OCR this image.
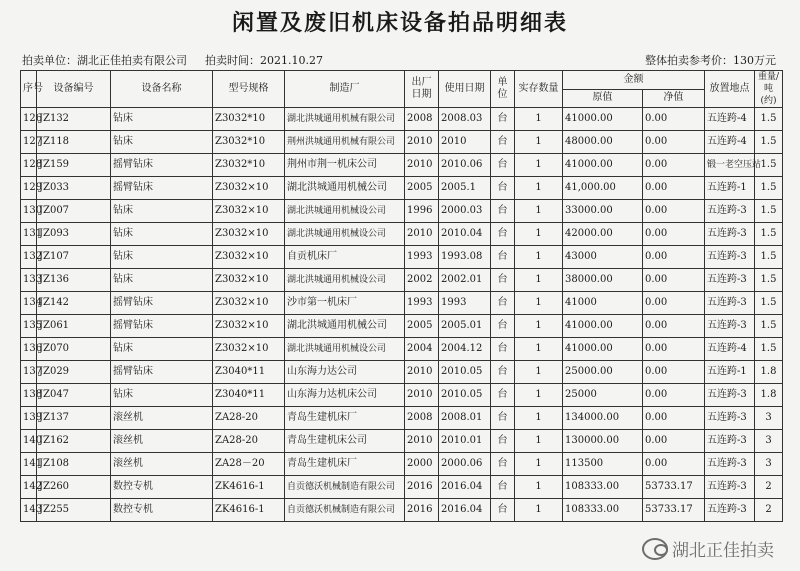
闲置及废旧机床设备拍品明细表
拍卖单位：湖北正佳拍卖有限公司 拍卖时间：2021.10.27	整体拍卖参考价：130万元
序号	设备编号	设备名称	型号规格	制造厂	出厂日期	使用日期	单位	实存数量	金额		放置地点	重量/吨(约)
									原值	净值		
126	JZ132	钻床	Z3032*10	湖北洪城通用机械有限公司	2008	2008.03	台	1	41000.00	0.00	五连跨-4	1.5
127	JZ118	钻床	Z3032*10	荆州洪城通用机械有限公司	2010	2010	台	1	48000.00	0.00	五连跨-4	1.5
128	JZ159	摇臂钻床	Z3032*10	荆州市荆一机床公司	2010	2010.06	台	1	41000.00	0.00	锻一老空压站	1.5
129	JZ033	摇臂钻床	Z3032×10	湖北洪城通用机械公司	2005	2005.1	台	1	41,000.00	0.00	五连跨-1	1.5
130	JZ007	钻床	Z3032×10	湖北洪城通用机械设公司	1996	2000.03	台	1	33000.00	0.00	五连跨-3	1.5
131	JZ093	钻床	Z3032×10	湖北洪城通用机械设公司	2010	2010.04	台	1	42000.00	0.00	五连跨-3	1.5
132	JZ107	钻床	Z3032×10	自贡机床厂	1993	1993.08	台	1	43000	0.00	五连跨-3	1.5
133	JZ136	钻床	Z3032×10	湖北洪城通用机械设公司	2002	2002.01	台	1	38000.00	0.00	五连跨-3	1.5
134	JZ142	摇臂钻床	Z3032×10	沙市第一机床厂	1993	1993	台	1	41000	0.00	五连跨-3	1.5
135	JZ061	摇臂钻床	Z3032×10	湖北洪城通用机械公司	2005	2005.01	台	1	41000.00	0.00	五连跨-3	1.5
136	JZ070	钻床	Z3032×10	湖北洪城通用机械设公司	2004	2004.12	台	1	41000.00	0.00	五连跨-4	1.5
137	JZ029	摇臂钻床	Z3040*11	山东海力达公司	2010	2010.05	台	1	25000.00	0.00	五连跨-1	1.8
138	JZ047	钻床	Z3040*11	山东海力达机床公司	2010	2010.05	台	1	25000	0.00	五连跨-3	1.8
139	JZ137	滚丝机	ZA28-20	青岛生建机床厂	2008	2008.01	台	1	134000.00	0.00	五连跨-3	3
140	JZ162	滚丝机	ZA28-20	青岛生建机床公司	2010	2010.01	台	1	130000.00	0.00	五连跨-3	3
141	JZ108	滚丝机	ZA28－20	青岛生建机床厂	2000	2000.06	台	1	113500	0.00	五连跨-3	3
142	JZ260	数控专机	ZK4616-1	自贡德沃机械制造有限公司	2016	2016.04	台	1	108333.00	53733.17	五连跨-3	2
143	JZ255	数控专机	ZK4616-1	自贡德沃机械制造有限公司	2016	2016.04	台	1	108333.00	53733.17	五连跨-3	2
湖北正佳拍卖
